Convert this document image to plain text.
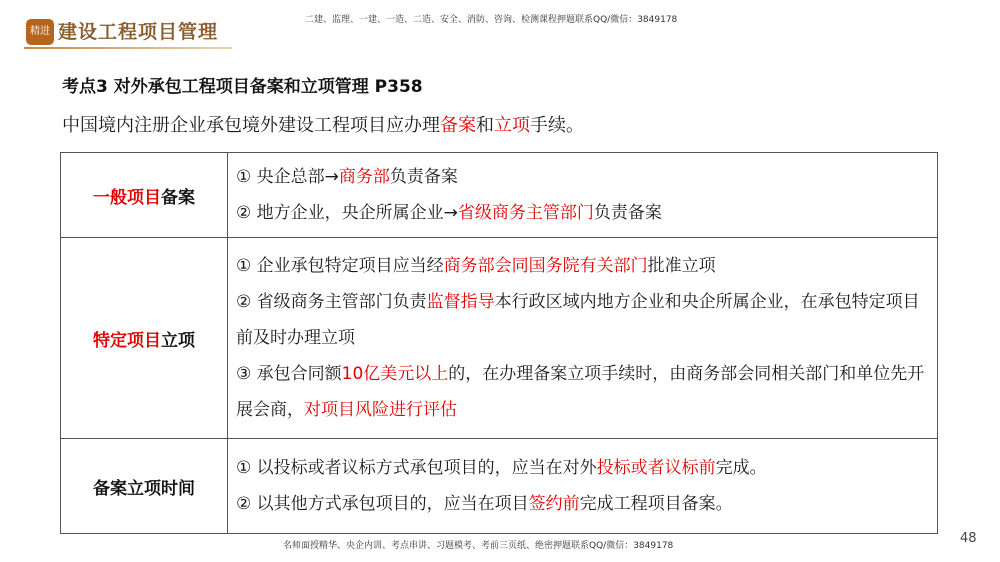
精进 建设工程项目管理
二建、监理、一建、一造、二造、安全、消防、咨询、检测课程押题联系QQ/微信：3849178
考点3 对外承包工程项目备案和立项管理 P358
中国境内注册企业承包境外建设工程项目应办理备案和立项手续。
一般项目备案	① 央企总部→商务部负责备案

② 地方企业，央企所属企业→省级商务主管部门负责备案

特定项目立项	① 企业承包特定项目应当经商务部会同国务院有关部门批准立项

② 省级商务主管部门负责监督指导本行政区域内地方企业和央企所属企业，在承包特定项目前及时办理立项

③ 承包合同额10亿美元以上的，在办理备案立项手续时，由商务部会同相关部门和单位先开展会商，对项目风险进行评估

备案立项时间	① 以投标或者议标方式承包项目的，应当在对外投标或者议标前完成。

② 以其他方式承包项目的，应当在项目签约前完成工程项目备案。

名师面授精华、央企内训、考点串讲、习题模考、考前三页纸、绝密押题联系QQ/微信：3849178	48
